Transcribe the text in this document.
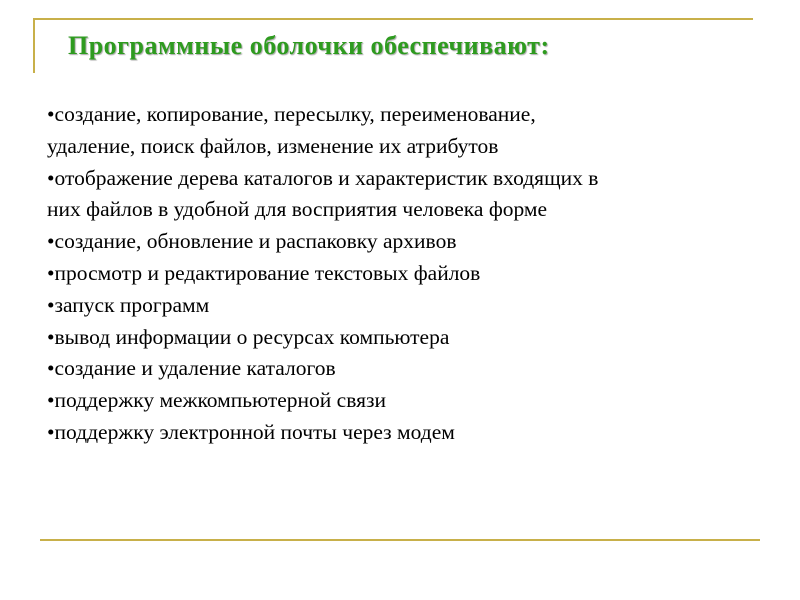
Программные оболочки обеспечивают:
•создание, копирование, пересылку, переименование,
удаление, поиск файлов, изменение их атрибутов
•отображение дерева каталогов и характеристик входящих в
них файлов в удобной для восприятия человека форме
•создание, обновление и распаковку архивов
•просмотр и редактирование текстовых файлов
•запуск программ
•вывод информации о ресурсах компьютера
•создание и удаление каталогов
•поддержку межкомпьютерной связи
•поддержку электронной почты через модем
